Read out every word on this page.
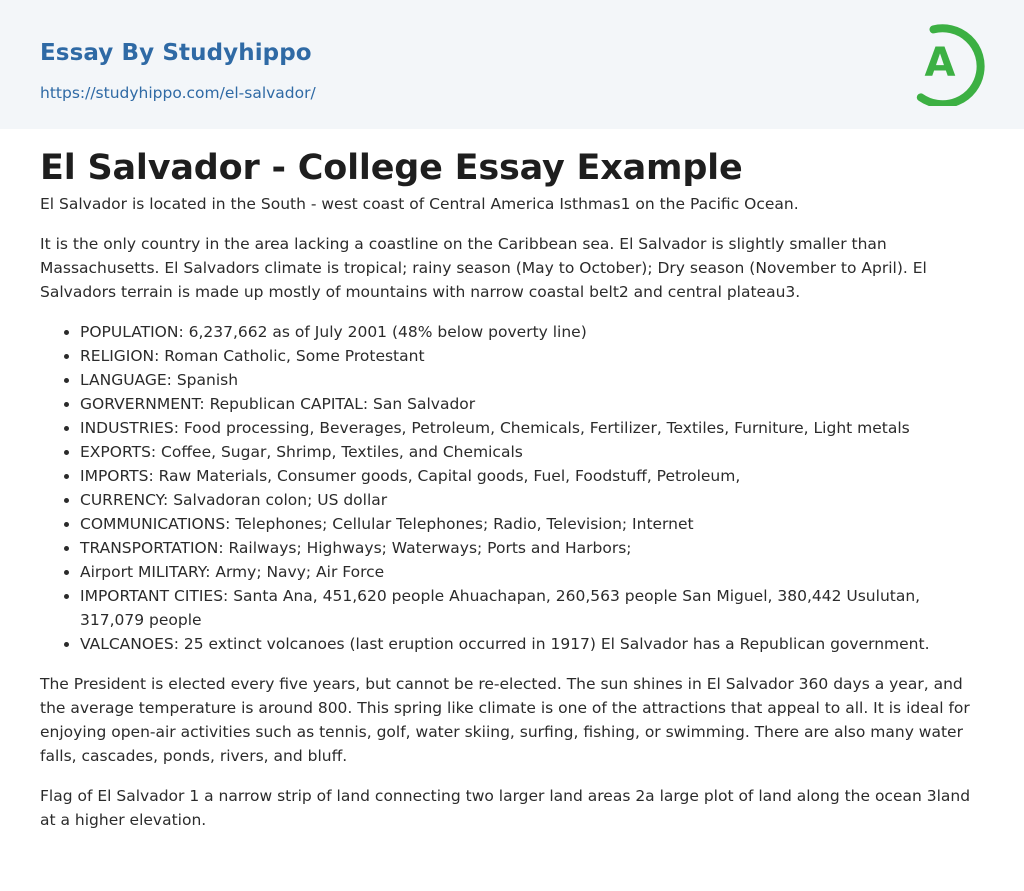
Essay By Studyhippo
https://studyhippo.com/el-salvador/
A
El Salvador - College Essay Example

El Salvador is located in the South - west coast of Central America Isthmas1 on the Pacific Ocean.

It is the only country in the area lacking a coastline on the Caribbean sea. El Salvador is slightly smaller than Massachusetts. El Salvadors climate is tropical; rainy season (May to October); Dry season (November to April). El Salvadors terrain is made up mostly of mountains with narrow coastal belt2 and central plateau3.

• POPULATION: 6,237,662 as of July 2001 (48% below poverty line)
• RELIGION: Roman Catholic, Some Protestant
• LANGUAGE: Spanish
• GORVERNMENT: Republican CAPITAL: San Salvador
• INDUSTRIES: Food processing, Beverages, Petroleum, Chemicals, Fertilizer, Textiles, Furniture, Light metals
• EXPORTS: Coffee, Sugar, Shrimp, Textiles, and Chemicals
• IMPORTS: Raw Materials, Consumer goods, Capital goods, Fuel, Foodstuff, Petroleum,
• CURRENCY: Salvadoran colon; US dollar
• COMMUNICATIONS: Telephones; Cellular Telephones; Radio, Television; Internet
• TRANSPORTATION: Railways; Highways; Waterways; Ports and Harbors;
• Airport MILITARY: Army; Navy; Air Force
• IMPORTANT CITIES: Santa Ana, 451,620 people Ahuachapan, 260,563 people San Miguel, 380,442 Usulutan, 317,079 people
• VALCANOES: 25 extinct volcanoes (last eruption occurred in 1917) El Salvador has a Republican government.

The President is elected every five years, but cannot be re-elected. The sun shines in El Salvador 360 days a year, and the average temperature is around 800. This spring like climate is one of the attractions that appeal to all. It is ideal for enjoying open-air activities such as tennis, golf, water skiing, surfing, fishing, or swimming. There are also many water falls, cascades, ponds, rivers, and bluff.

Flag of El Salvador 1 a narrow strip of land connecting two larger land areas 2a large plot of land along the ocean 3land at a higher elevation.
